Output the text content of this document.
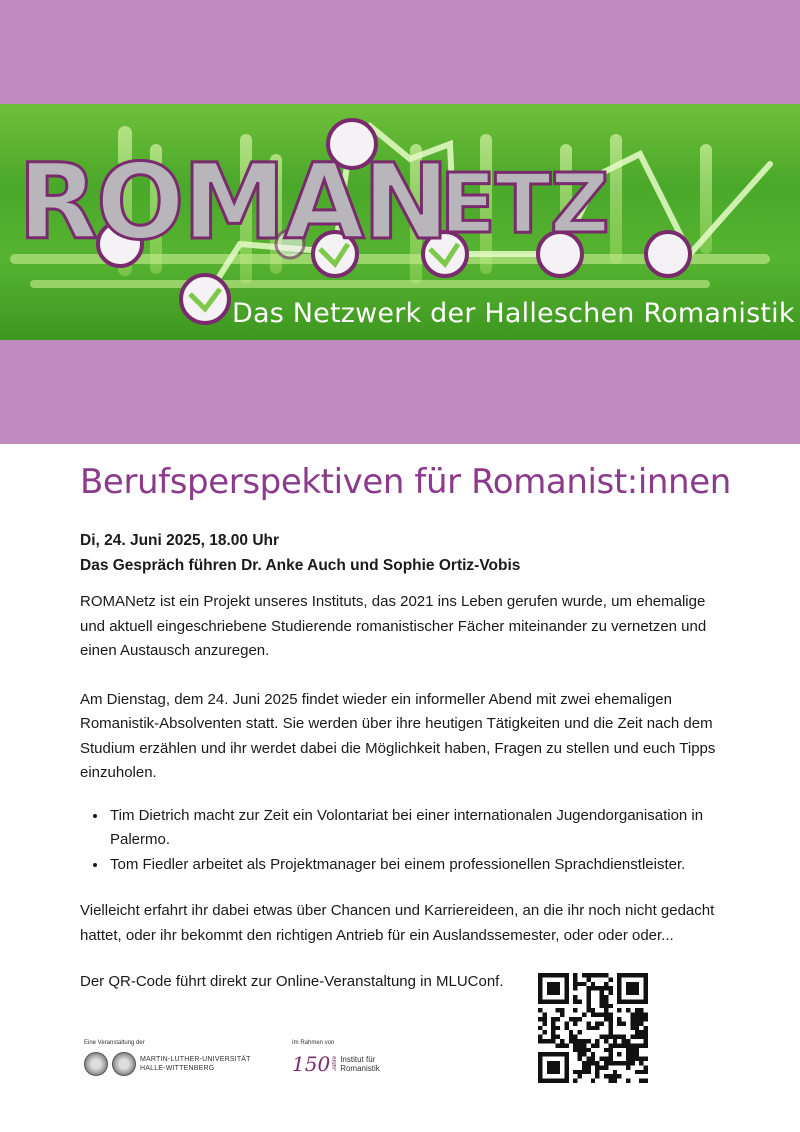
ROMAN
ETZ
Das Netzwerk der Halleschen Romanistik
Berufsperspektiven für Romanist:innen
Di, 24. Juni 2025, 18.00 Uhr
Das Gespräch führen Dr. Anke Auch und Sophie Ortiz-Vobis

ROMANetz ist ein Projekt unseres Instituts, das 2021 ins Leben gerufen wurde, um ehemalige und aktuell eingeschriebene Studierende romanistischer Fächer miteinander zu vernetzen und einen Austausch anzuregen.

Am Dienstag, dem 24. Juni 2025 findet wieder ein informeller Abend mit zwei ehemaligen Romanistik-Absolventen statt. Sie werden über ihre heutigen Tätigkeiten und die Zeit nach dem Studium erzählen und ihr werdet dabei die Möglichkeit haben, Fragen zu stellen und euch Tipps einzuholen.

• Tim Dietrich macht zur Zeit ein Volontariat bei einer internationalen Jugendorganisation in Palermo.
• Tom Fiedler arbeitet als Projektmanager bei einem professionellen Sprachdienstleister.

Vielleicht erfahrt ihr dabei etwas über Chancen und Karriereideen, an die ihr noch nicht gedacht hattet, oder ihr bekommt den richtigen Antrieb für ein Auslandssemester, oder oder oder...

Der QR-Code führt direkt zur Online-Veranstaltung in MLUConf.

Eine Veranstaltung der
MARTIN-LUTHER-UNIVERSITÄT
HALLE-WITTENBERG
Im Rahmen von
150 Jahre Institut für
Romanistik
